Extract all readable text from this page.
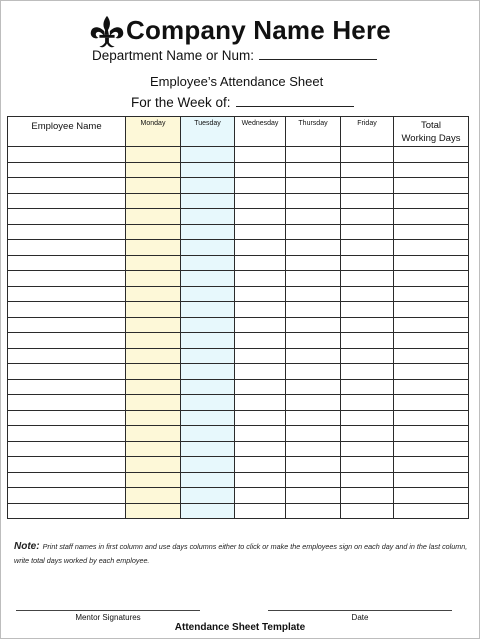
Company Name Here
Department Name or Num:
Employee’s Attendance Sheet
For the Week of:
Employee Name	Monday	Tuesday	Wednesday	Thursday	Friday	Total
Working Days

Note: Print staff names in first column and use days columns either to click or make the employees sign on each day and in the last column, write total days worked by each employee.
Mentor Signatures	Date
Attendance Sheet Template
